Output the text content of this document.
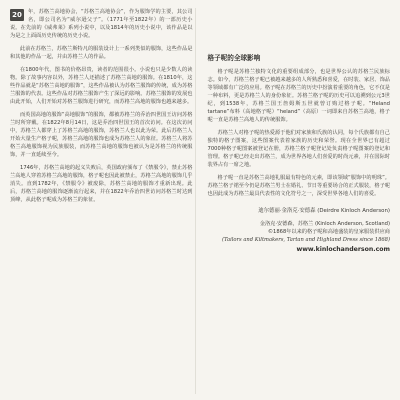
20	年，苏格兰高地协会，“苏格兰高地协会”，作为服饰学的主要，其公司名，即公司名为“威尔逊父子”。（1771年至1822年）的一部历史小说。在先前的《威弗莱》系列小说中，以及1814年的历史小说中，该作品是以为是之上面面历史传统的历史小说。

此前在苏格兰，苏格兰斯特凡的服装设计上一系列类似的服饰，这些作品是和其他的作品一起，并由苏格兰人的作品。

在1800年代，图书的价格昂贵，读者的范围很小。小说也只是少数人的读物。除了故事内容以外，苏格兰人还描述了苏格兰高地的服饰。在1810年，这些作品就是“苏格兰高地的服饰”，这些作品被认为苏格兰服饰的传统，成为苏格兰服饰的代表。这些作品对苏格兰服饰产生了深远的影响。苏格兰服饰的发展也由此开始，人们开始对苏格兰服饰进行研究，而苏格兰高地的服饰也越来越多。

而英国高地的服饰“高地服饰”的服饰，都被苏格兰的乔治四世国王访问苏格兰时所穿戴。在1822年8月14日，这是乔治四世国王的首次访问。在这次访问中，苏格兰人都穿上了苏格兰高地的服饰，苏格兰人也以此为荣。此后苏格兰人开始大量生产格子呢，苏格兰高地的服饰也成为苏格兰人的象征。苏格兰人将苏格兰高地服饰视为民族服装，而苏格兰高地的服饰也被认为是苏格兰的传统服饰，并一直延续至今。

1746年，苏格兰高地的起义失败后，英国政府颁布了《禁服令》，禁止苏格兰高地人穿着苏格兰高地的服饰，格子呢也因此被禁止，苏格兰高地的服饰几乎消失。直到1782年，《禁服令》被废除，苏格兰高地的服饰才重新出现。此后，苏格兰高地的服饰逐渐流行起来，并在1822年乔治四世访问苏格兰时达到顶峰，从此格子呢成为苏格兰的象征。

格子呢的全球影响

格子呢是苏格兰独特文化的重要组成部分，也是世界公认的苏格兰民族标志。如今，苏格兰格子呢已被越来越多的人所熟悉和喜爱，在时装、家居、饰品等领域都有广泛的应用。格子呢在苏格兰的历史中扮演着重要的角色，它不仅是一种布料，更是苏格兰人的身份象征。苏格兰格子呢的历史可以追溯到公元3世纪，到1538年，苏格兰国王詹姆斯五世就曾订购过格子呢。“Heland tartane”布料（高地格子呢）“heland”（高原）一词即来自苏格兰高地，格子呢一直是苏格兰高地人的传统服饰。

苏格兰人对格子呢的热爱源于他们对家族和氏族的认同，每个氏族都有自己独特的格子图案，这些图案代表着家族的历史和荣誉。现在全世界已有超过7000种格子呢图案被登记在册，苏格兰格子呢登记处负责格子呢图案的登记和管理。格子呢已经走出苏格兰，成为世界各地人们喜爱的时尚元素，并在国际时装界占有一席之地。

格子呢一直是苏格兰高地礼服最有特色的元素，即该领域“服饰中的明珠”。苏格兰格子裙至今仍是苏格兰男士在婚礼、节日等重要场合的正式服装，格子呢也因此成为苏格兰最具代表性的文化符号之一，深受世界各地人们的喜爱。

迪尔德丽·金洛克·安德森 (Deirdre Kinloch Anderson)

金洛克·安德森，苏格兰 (Kinloch Anderson, Scotland)

©1868年以来的格子呢和高地盛装的皇家服装供应商

(Tailors and Kiltmakers, Tartan and Highland Dress since 1868)

www.kinlochanderson.com
